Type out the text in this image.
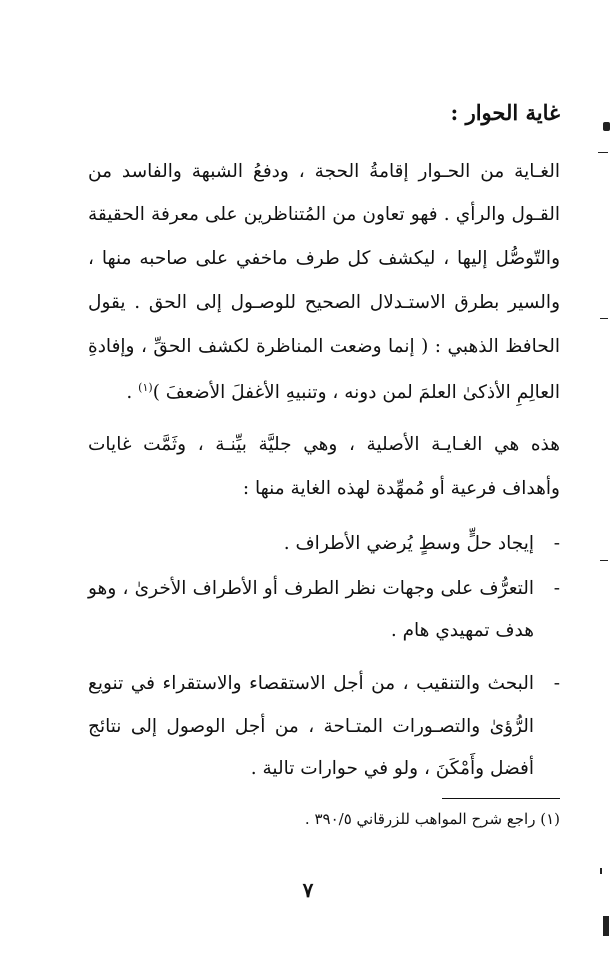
غاية الحوار :
الغـاية من الحـوار إقامةُ الحجة ، ودفعُ الشبهة والفاسد من
القـول والرأي . فهو تعاون من المُتناظرين على معرفة الحقيقة
والتّوصُّل إليها ، ليكشف كل طرف ماخفي على صاحبه منها ،
والسير بطرق الاستـدلال الصحيح للوصـول إلى الحق . يقول
الحافظ الذهبي : ( إنما وضعت المناظرة لكشف الحقِّ ، وإفادةِ
العالِمِ الأذكىٰ العلمَ لمن دونه ، وتنبيهِ الأغفلَ الأضعفَ )$^{(١)}$ .
هذه هي الغـايـة الأصلية ، وهي جليَّة بيِّنـة ، وثَمَّت غايات
وأهداف فرعية أو مُمهِّدة لهذه الغاية منها :
-
إيجاد حلٍّ وسطٍ يُرضي الأطراف .
-
التعرُّف على وجهات نظر الطرف أو الأطراف الأخرىٰ ، وهو
هدف تمهيدي هام .
-
البحث والتنقيب ، من أجل الاستقصاء والاستقراء في تنويع
الرُّؤىٰ والتصـورات المتـاحة ، من أجل الوصول إلى نتائج
أفضل وأَمْكَنَ ، ولو في حوارات تالية .
(١) راجع شرح المواهب للزرقاني ٣٩٠/٥ .
٧
